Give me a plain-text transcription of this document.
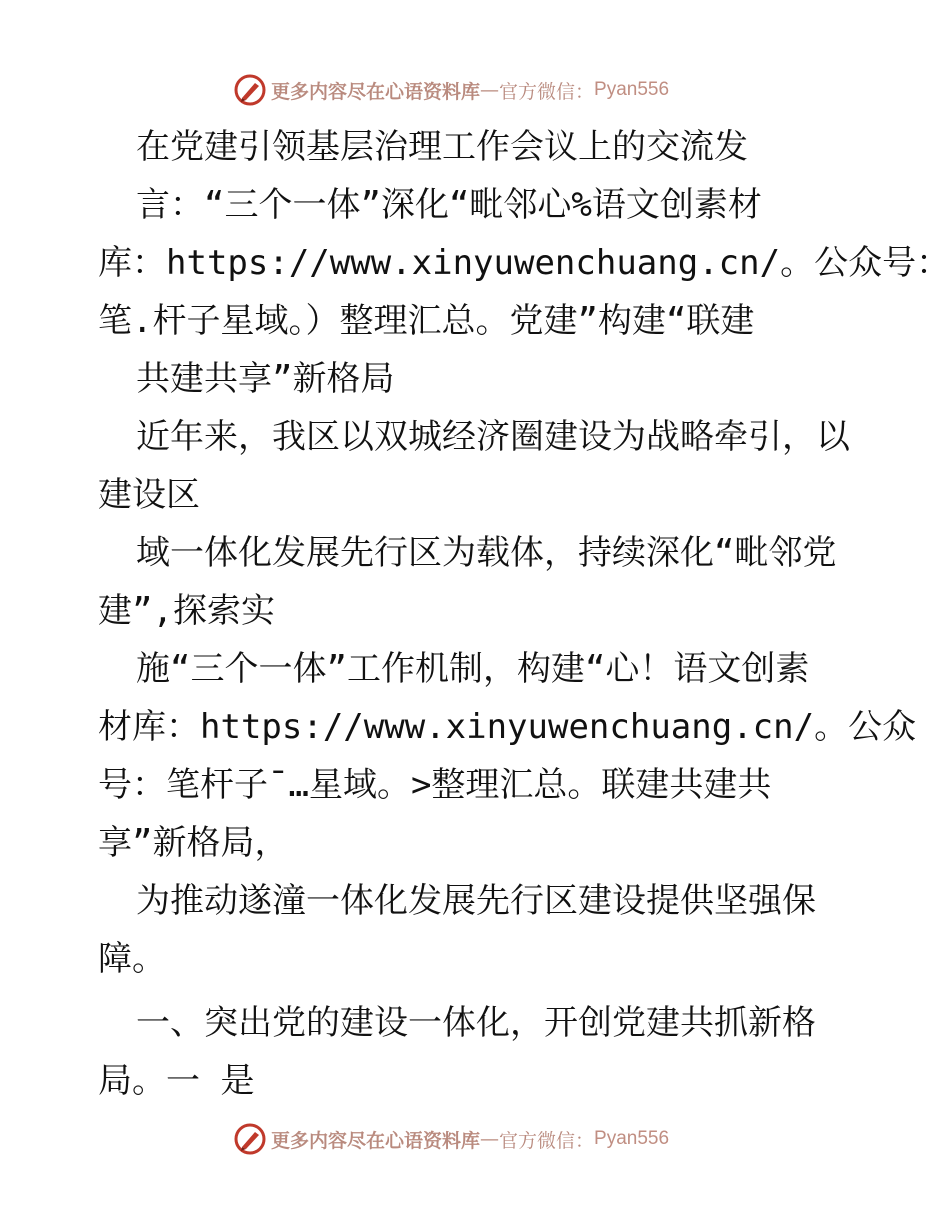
更多内容尽在心语资料库 — 官方微信： Pyan556
在党建引领基层治理工作会议上的交流发
言：“三个一体”深化“毗邻心%语文创素材
库：https://www.xinyuwenchuang.cn/。公众号：
笔.杆子星域。）整理汇总。党建”构建“联建
共建共享”新格局
近年来，我区以双城经济圈建设为战略牵引，以
建设区
域一体化发展先行区为载体，持续深化“毗邻党
建”,探索实
施“三个一体”工作机制，构建“心！语文创素
材库：https://www.xinyuwenchuang.cn/。公众
号：笔杆子¯…星域。>整理汇总。联建共建共
享”新格局，
为推动遂潼一体化发展先行区建设提供坚强保
障。
一、突出党的建设一体化，开创党建共抓新格
局。一 是
更多内容尽在心语资料库 — 官方微信： Pyan556
